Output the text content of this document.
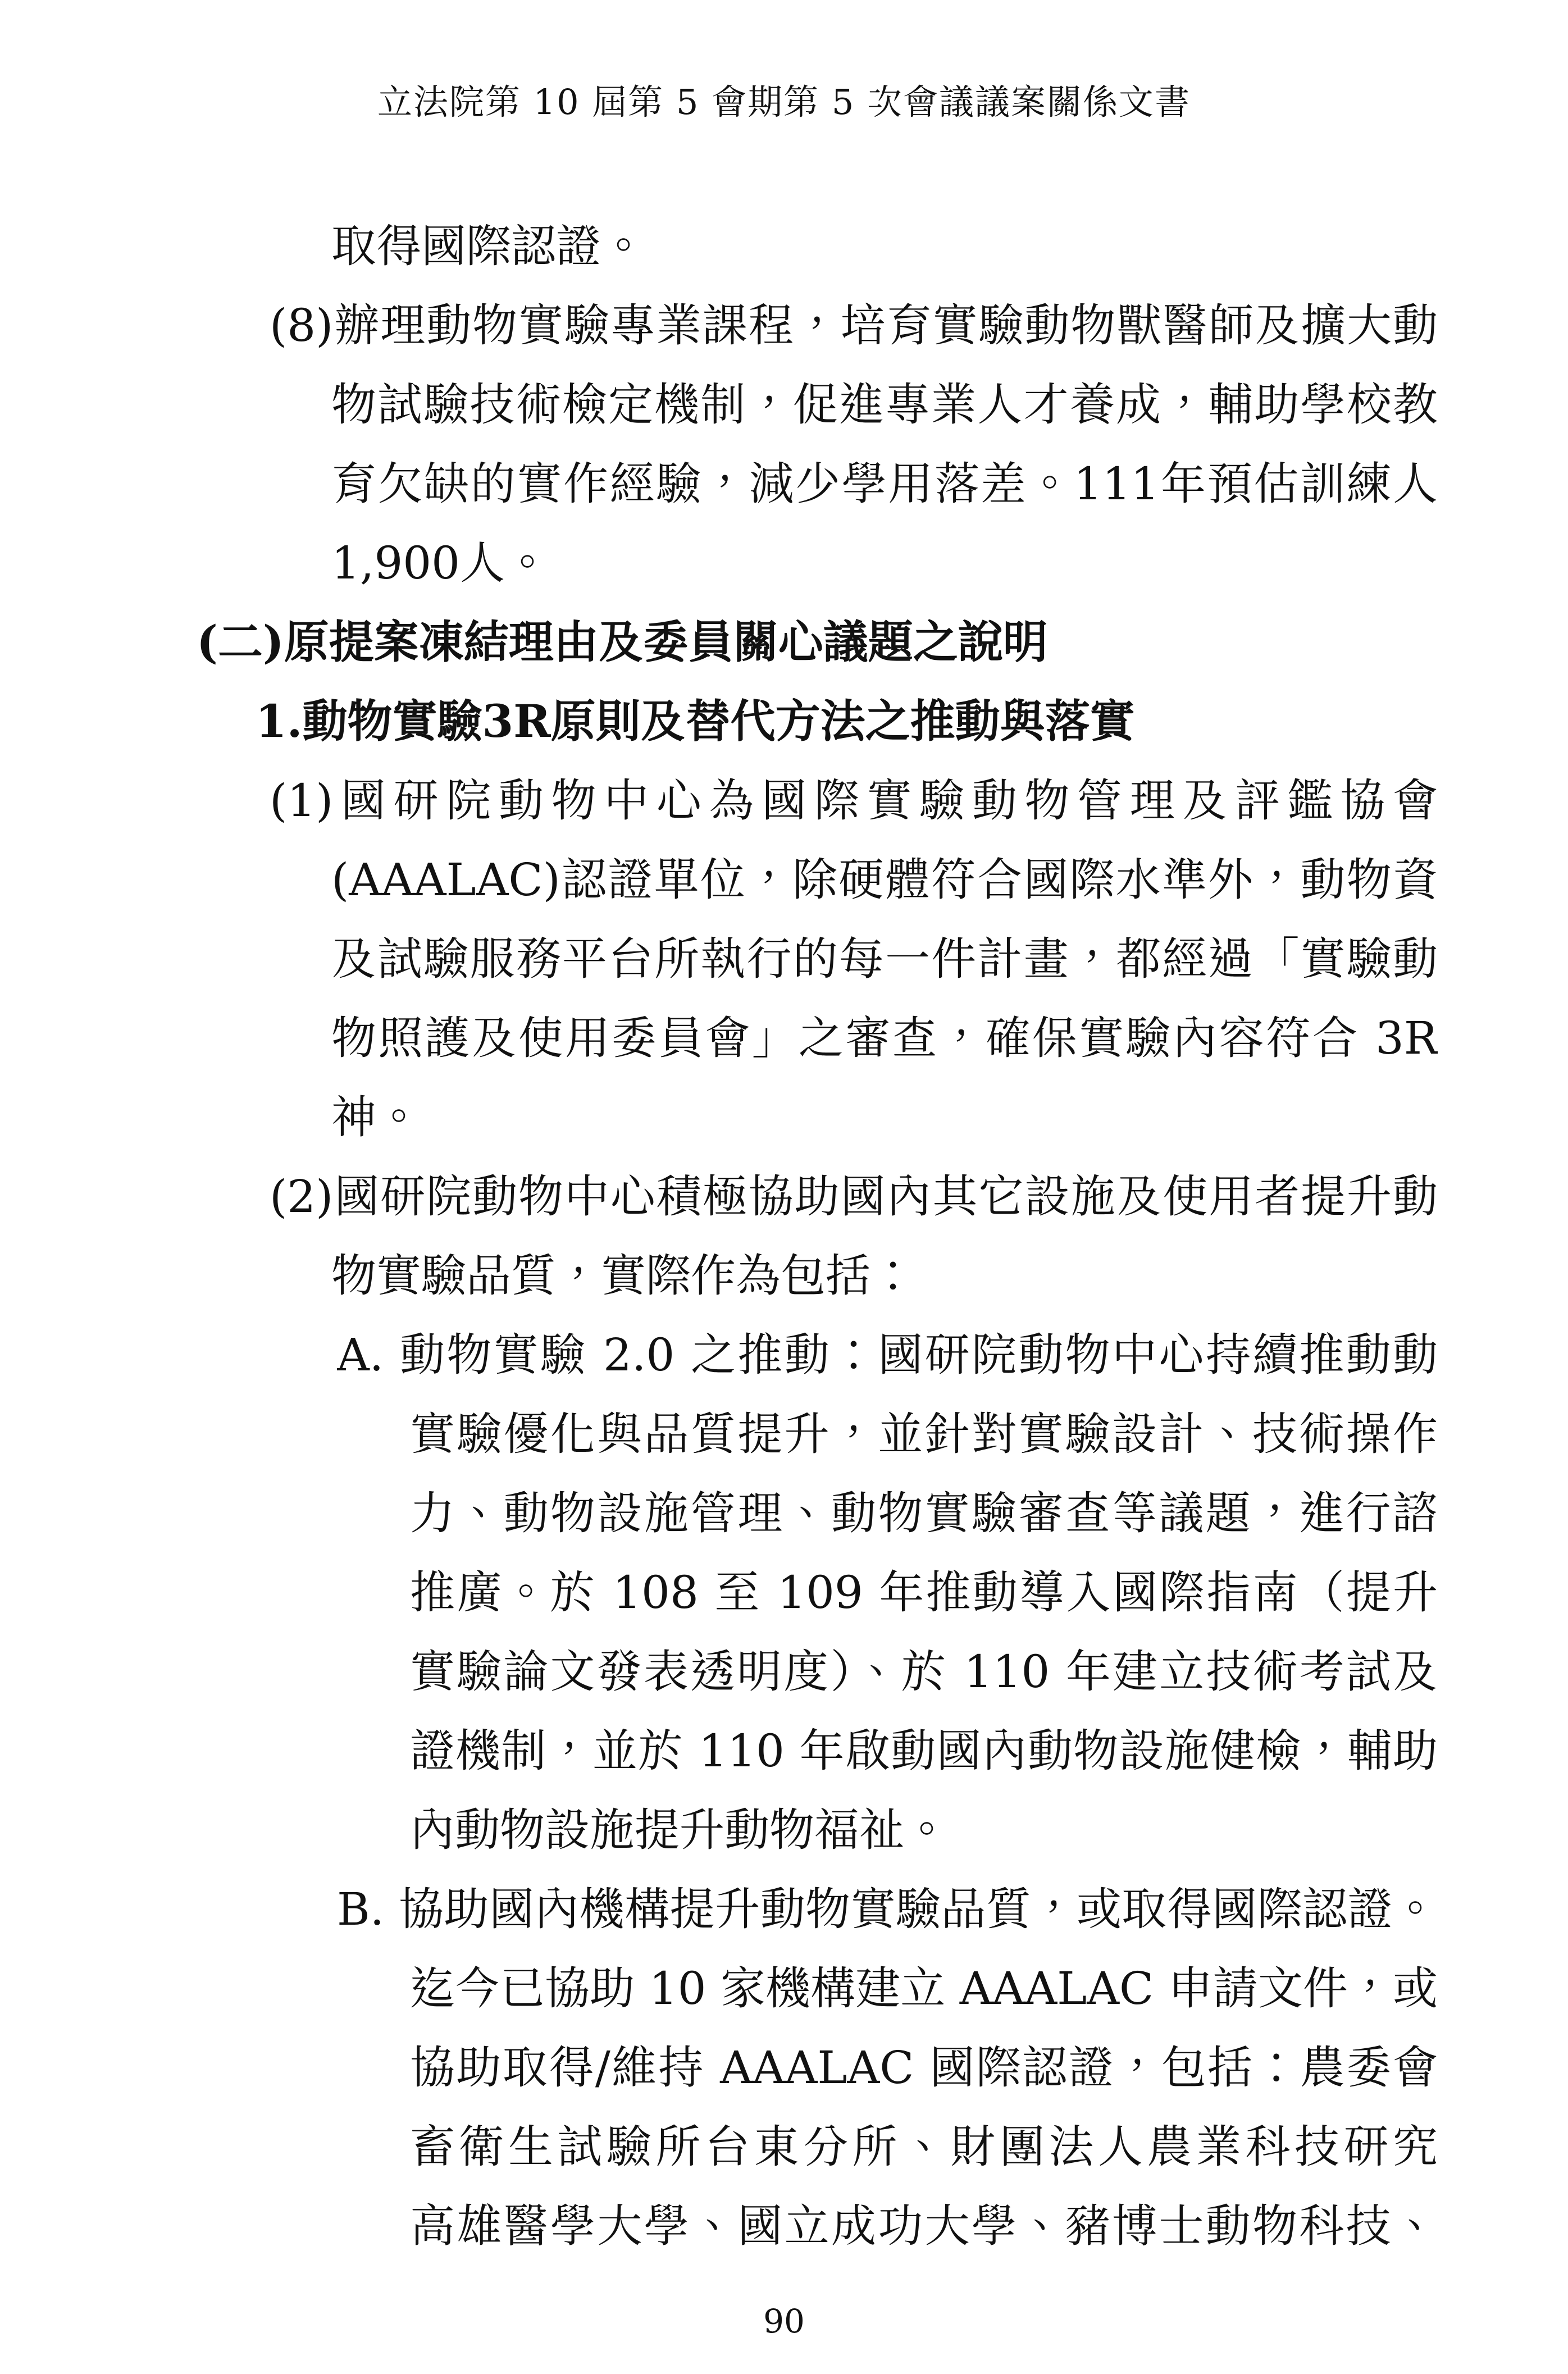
立法院第 10 屆第 5 會期第 5 次會議議案關係文書
取得國際認證。
(8)辦理動物實驗專業課程，培育實驗動物獸醫師及擴大動
物試驗技術檢定機制，促進專業人才養成，輔助學校教
育欠缺的實作經驗，減少學用落差。111年預估訓練人
1,900人。
(二)原提案凍結理由及委員關心議題之說明
1.動物實驗3R原則及替代方法之推動與落實
(1)國研院動物中心為國際實驗動物管理及評鑑協會
(AAALAC)認證單位，除硬體符合國際水準外，動物資
及試驗服務平台所執行的每一件計畫，都經過「實驗動
物照護及使用委員會」之審查，確保實驗內容符合 3R
神。
(2)國研院動物中心積極協助國內其它設施及使用者提升動
物實驗品質，實際作為包括：
A. 動物實驗 2.0 之推動：國研院動物中心持續推動動
實驗優化與品質提升，並針對實驗設計、技術操作
力、動物設施管理、動物實驗審查等議題，進行諮
推廣。於 108 至 109 年推動導入國際指南（提升
實驗論文發表透明度）、於 110 年建立技術考試及
證機制，並於 110 年啟動國內動物設施健檢，輔助
內動物設施提升動物福祉。
B. 協助國內機構提升動物實驗品質，或取得國際認證。
迄今已協助 10 家機構建立 AAALAC 申請文件，或
協助取得/維持 AAALAC 國際認證，包括：農委會
畜衛生試驗所台東分所、財團法人農業科技研究
高雄醫學大學、國立成功大學、豬博士動物科技、
90
